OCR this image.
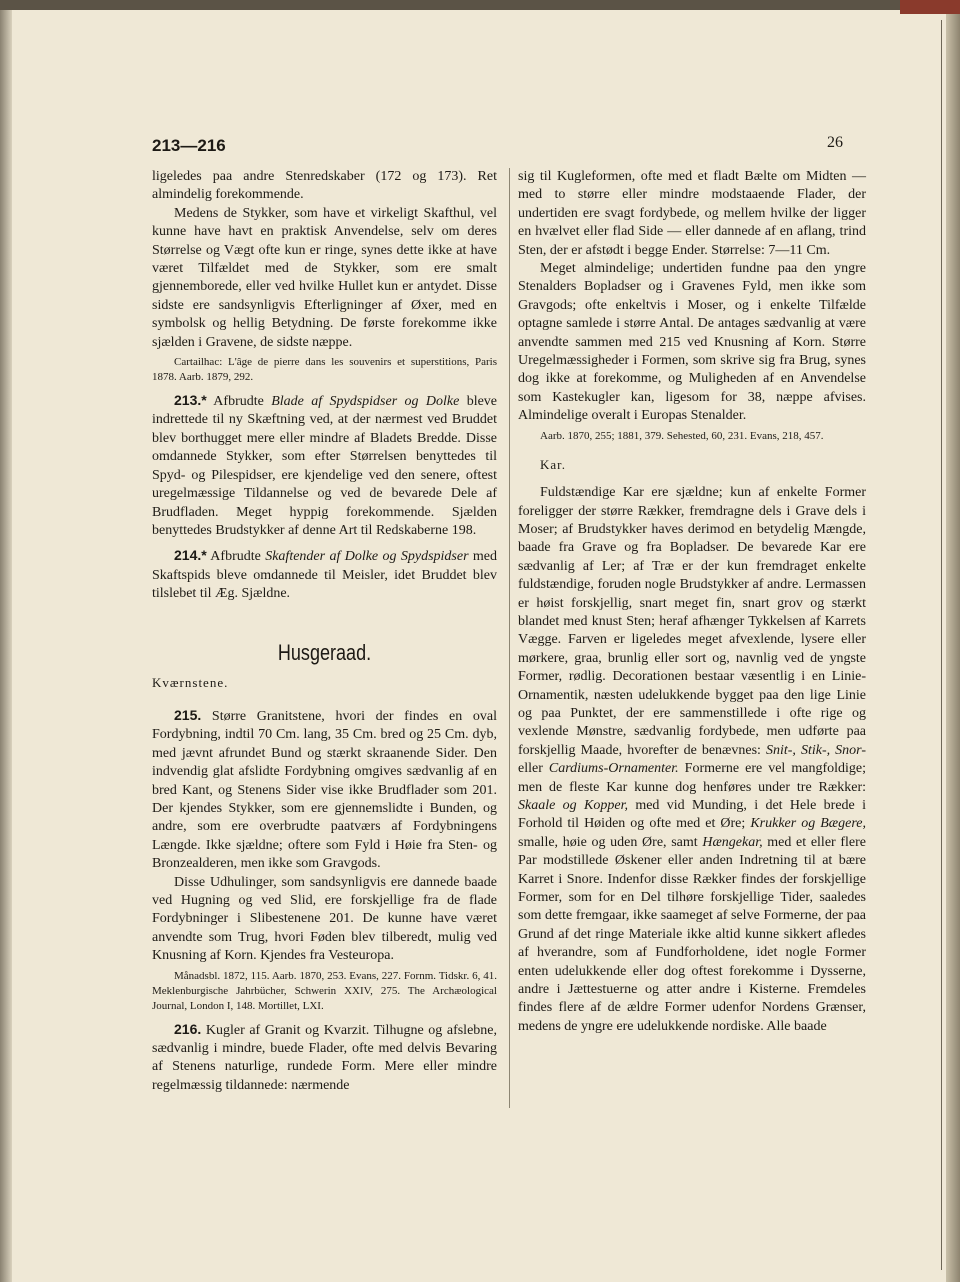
213—216	26

ligeledes paa andre Stenredskaber (172 og 173). Ret almindelig forekommende.

Medens de Stykker, som have et virkeligt Skafthul, vel kunne have havt en praktisk Anvendelse, selv om deres Størrelse og Vægt ofte kun er ringe, synes dette ikke at have været Tilfældet med de Stykker, som ere smalt gjennemborede, eller ved hvilke Hullet kun er antydet. Disse sidste ere sandsynligvis Efterligninger af Øxer, med en symbolsk og hellig Betydning. De første forekomme ikke sjælden i Gravene, de sidste næppe.

Cartailhac: L'âge de pierre dans les souvenirs et superstitions, Paris 1878. Aarb. 1879, 292.

213.* Afbrudte Blade af Spydspidser og Dolke bleve indrettede til ny Skæftning ved, at der nærmest ved Bruddet blev borthugget mere eller mindre af Bladets Bredde. Disse omdannede Stykker, som efter Størrelsen benyttedes til Spyd- og Pilespidser, ere kjendelige ved den senere, oftest uregelmæssige Tildannelse og ved de bevarede Dele af Brudfladen. Meget hyppig forekommende. Sjælden benyttedes Brudstykker af denne Art til Redskaberne 198.

214.* Afbrudte Skaftender af Dolke og Spydspidser med Skaftspids bleve omdannede til Meisler, idet Bruddet blev tilslebet til Æg. Sjældne.

Husgeraad.
Kværnstene.

215. Større Granitstene, hvori der findes en oval Fordybning, indtil 70 Cm. lang, 35 Cm. bred og 25 Cm. dyb, med jævnt afrundet Bund og stærkt skraanende Sider. Den indvendig glat afslidte Fordybning omgives sædvanlig af en bred Kant, og Stenens Sider vise ikke Brudflader som 201. Der kjendes Stykker, som ere gjennemslidte i Bunden, og andre, som ere overbrudte paatværs af Fordybningens Længde. Ikke sjældne; oftere som Fyld i Høie fra Sten- og Bronzealderen, men ikke som Gravgods.

Disse Udhulinger, som sandsynligvis ere dannede baade ved Hugning og ved Slid, ere forskjellige fra de flade Fordybninger i Slibestenene 201. De kunne have været anvendte som Trug, hvori Føden blev tilberedt, mulig ved Knusning af Korn. Kjendes fra Vesteuropa.

Månadsbl. 1872, 115. Aarb. 1870, 253. Evans, 227. Fornm. Tidskr. 6, 41. Meklenburgische Jahrbücher, Schwerin XXIV, 275. The Archæological Journal, London I, 148. Mortillet, LXI.

216. Kugler af Granit og Kvarzit. Tilhugne og afslebne, sædvanlig i mindre, buede Flader, ofte med delvis Bevaring af Stenens naturlige, rundede Form. Mere eller mindre regelmæssig tildannede: nærmende

sig til Kugleformen, ofte med et fladt Bælte om Midten — med to større eller mindre modstaaende Flader, der undertiden ere svagt fordybede, og mellem hvilke der ligger en hvælvet eller flad Side — eller dannede af en aflang, trind Sten, der er afstødt i begge Ender. Størrelse: 7—11 Cm.

Meget almindelige; undertiden fundne paa den yngre Stenalders Bopladser og i Gravenes Fyld, men ikke som Gravgods; ofte enkeltvis i Moser, og i enkelte Tilfælde optagne samlede i større Antal. De antages sædvanlig at være anvendte sammen med 215 ved Knusning af Korn. Større Uregelmæssigheder i Formen, som skrive sig fra Brug, synes dog ikke at forekomme, og Muligheden af en Anvendelse som Kastekugler kan, ligesom for 38, næppe afvises. Almindelige overalt i Europas Stenalder.

Aarb. 1870, 255; 1881, 379. Sehested, 60, 231. Evans, 218, 457.

Kar.

Fuldstændige Kar ere sjældne; kun af enkelte Former foreligger der større Rækker, fremdragne dels i Grave dels i Moser; af Brudstykker haves derimod en betydelig Mængde, baade fra Grave og fra Bopladser. De bevarede Kar ere sædvanlig af Ler; af Træ er der kun fremdraget enkelte fuldstændige, foruden nogle Brudstykker af andre. Lermassen er høist forskjellig, snart meget fin, snart grov og stærkt blandet med knust Sten; heraf afhænger Tykkelsen af Karrets Vægge. Farven er ligeledes meget afvexlende, lysere eller mørkere, graa, brunlig eller sort og, navnlig ved de yngste Former, rødlig. Decorationen bestaar væsentlig i en Linie-Ornamentik, næsten udelukkende bygget paa den lige Linie og paa Punktet, der ere sammenstillede i ofte rige og vexlende Mønstre, sædvanlig fordybede, men udførte paa forskjellig Maade, hvorefter de benævnes: Snit-, Stik-, Snor- eller Cardiums-Ornamenter. Formerne ere vel mangfoldige; men de fleste Kar kunne dog henføres under tre Rækker: Skaale og Kopper, med vid Munding, i det Hele brede i Forhold til Høiden og ofte med et Øre; Krukker og Bægere, smalle, høie og uden Øre, samt Hængekar, med et eller flere Par modstillede Øskener eller anden Indretning til at bære Karret i Snore. Indenfor disse Rækker findes der forskjellige Former, som for en Del tilhøre forskjellige Tider, saaledes som dette fremgaar, ikke saameget af selve Formerne, der paa Grund af det ringe Materiale ikke altid kunne sikkert afledes af hverandre, som af Fundforholdene, idet nogle Former enten udelukkende eller dog oftest forekomme i Dysserne, andre i Jættestuerne og atter andre i Kisterne. Fremdeles findes flere af de ældre Former udenfor Nordens Grænser, medens de yngre ere udelukkende nordiske. Alle baade
